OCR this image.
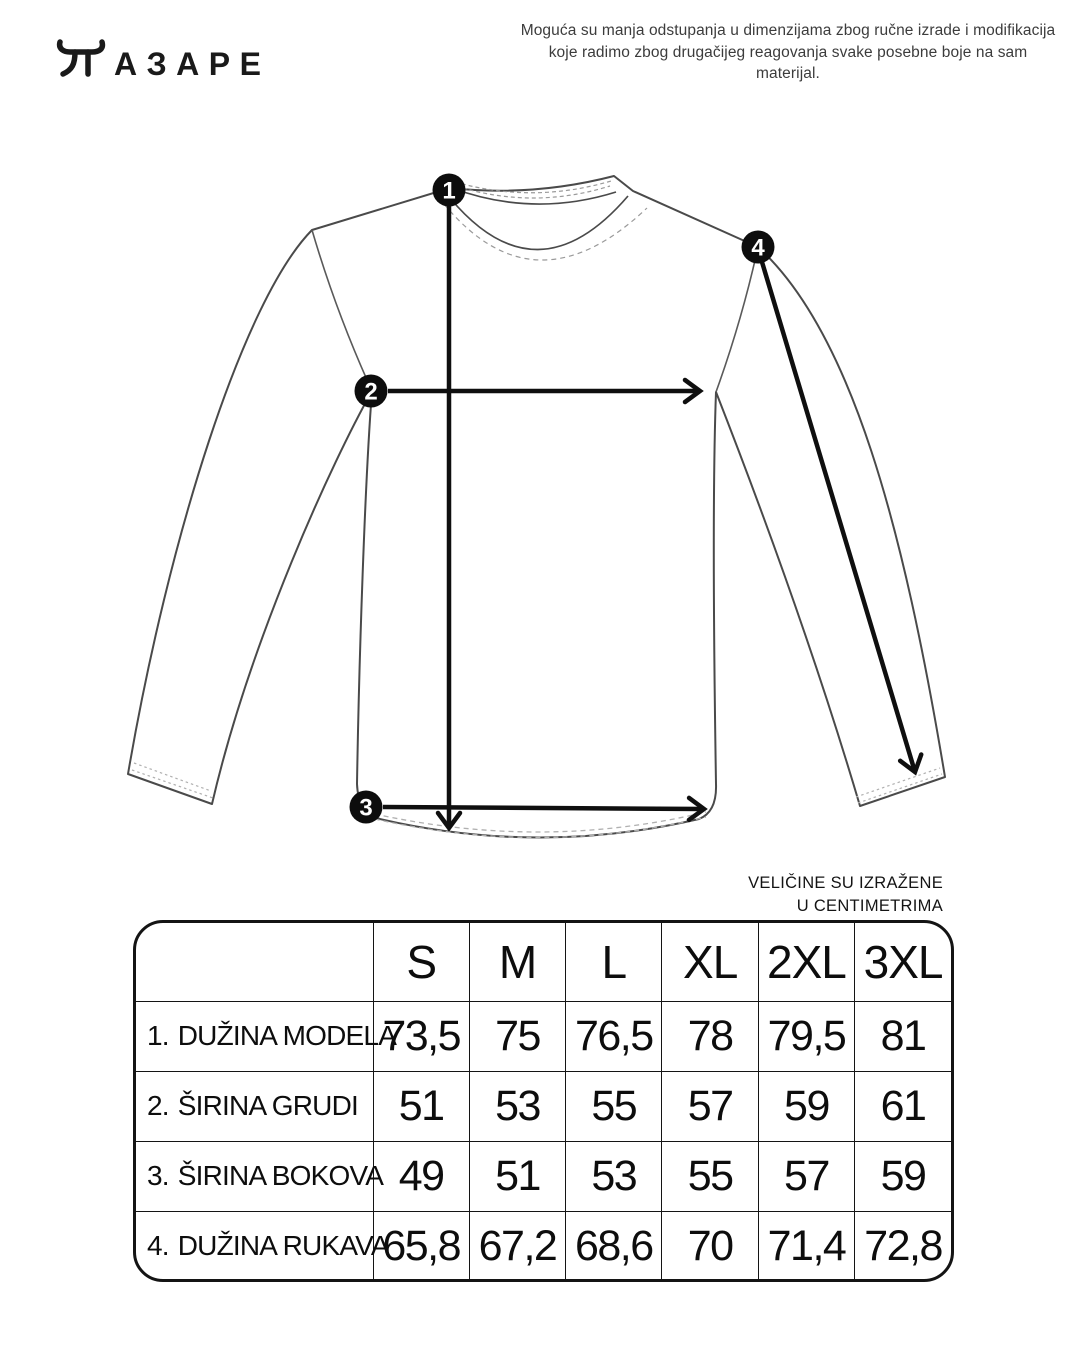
АЗАРЕ
Moguća su manja odstupanja u dimenzijama zbog ručne izrade i modifikacija
koje radimo zbog drugačijeg reagovanja svake posebne boje na sam materijal.
1
2
3
4
VELIČINE SU IZRAŽENE
U CENTIMETRIMA
	S	M	L	XL	2XL	3XL
1. DUŽINA MODELA	73,5	75	76,5	78	79,5	81
2. ŠIRINA GRUDI	51	53	55	57	59	61
3. ŠIRINA BOKOVA	49	51	53	55	57	59
4. DUŽINA RUKAVA	65,8	67,2	68,6	70	71,4	72,8
